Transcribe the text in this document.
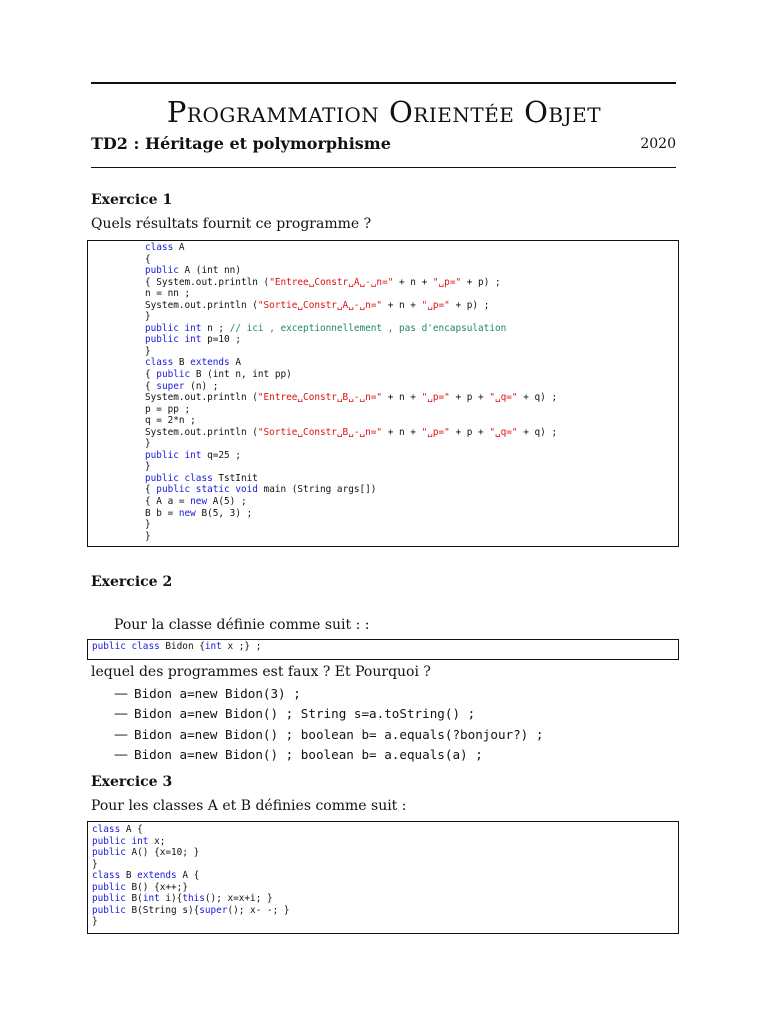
Programmation Orientée Objet
TD2 : Héritage et polymorphisme	2020
Exercice 1
Quels résultats fournit ce programme ?
class A
{
public A (int nn)
{ System.out.println ("Entree␣Constr␣A␣-␣n=" + n + "␣p=" + p) ;
n = nn ;
System.out.println ("Sortie␣Constr␣A␣-␣n=" + n + "␣p=" + p) ;
}
public int n ; // ici , exceptionnellement , pas d'encapsulation
public int p=10 ;
}
class B extends A
{ public B (int n, int pp)
{ super (n) ;
System.out.println ("Entree␣Constr␣B␣-␣n=" + n + "␣p=" + p + "␣q=" + q) ;
p = pp ;
q = 2*n ;
System.out.println ("Sortie␣Constr␣B␣-␣n=" + n + "␣p=" + p + "␣q=" + q) ;
}
public int q=25 ;
}
public class TstInit
{ public static void main (String args[])
{ A a = new A(5) ;
B b = new B(5, 3) ;
}
}
Exercice 2
Pour la classe définie comme suit : :
public class Bidon {int x ;} ;
lequel des programmes est faux ? Et Pourquoi ?
— Bidon a=new Bidon(3) ;
— Bidon a=new Bidon() ; String s=a.toString() ;
— Bidon a=new Bidon() ; boolean b= a.equals(?bonjour?) ;
— Bidon a=new Bidon() ; boolean b= a.equals(a) ;
Exercice 3
Pour les classes A et B définies comme suit :
class A {
public int x;
public A() {x=10; }
}
class B extends A {
public B() {x++;}
public B(int i){this(); x=x+i; }
public B(String s){super(); x- -; }
}
